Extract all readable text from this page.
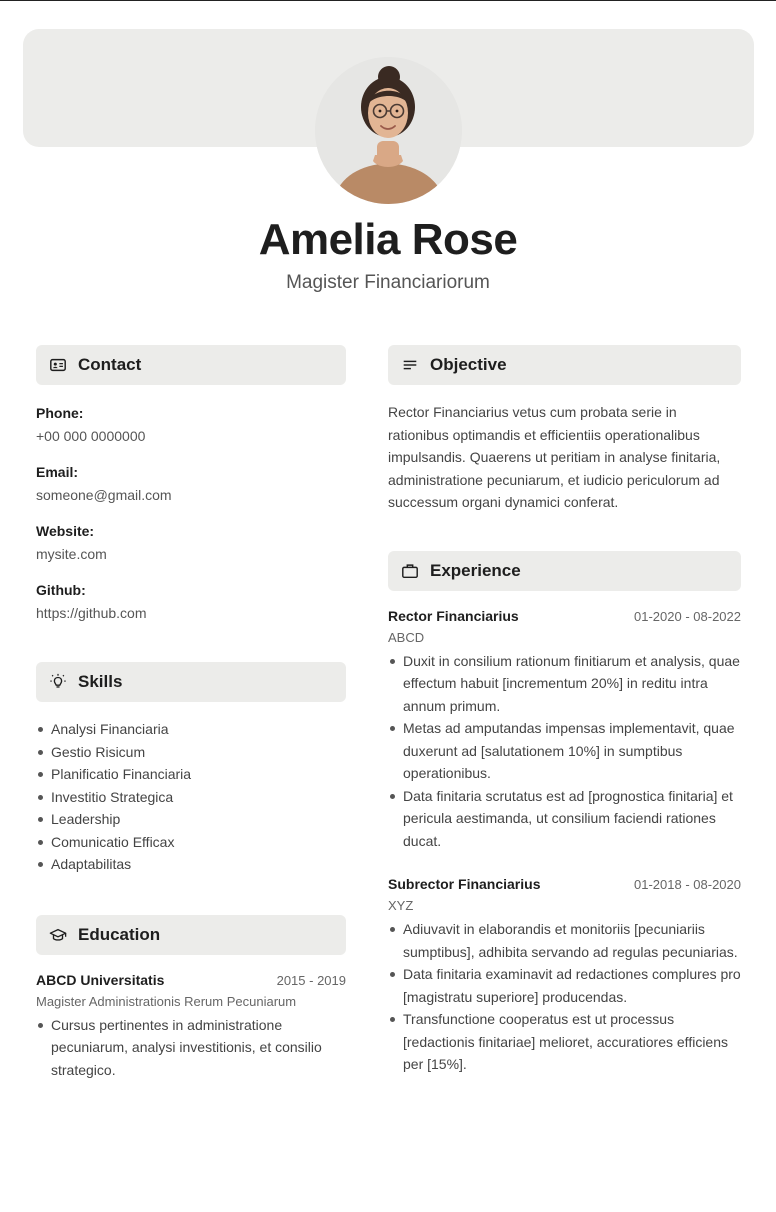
Amelia Rose
Magister Financiariorum
Contact
Phone:
+00 000 0000000
Email:
someone@gmail.com
Website:
mysite.com
Github:
https://github.com
Skills
Analysi Financiaria
Gestio Risicum
Planificatio Financiaria
Investitio Strategica
Leadership
Comunicatio Efficax
Adaptabilitas
Education
ABCD Universitatis	2015 - 2019
Magister Administrationis Rerum Pecuniarum
Cursus pertinentes in administratione pecuniarum, analysi investitionis, et consilio strategico.
Objective

Rector Financiarius vetus cum probata serie in rationibus optimandis et efficientiis operationalibus impulsandis. Quaerens ut peritiam in analyse finitaria, administratione pecuniarum, et iudicio periculorum ad successum organi dynamici conferat.

Experience
Rector Financiarius	01-2020 - 08-2022
ABCD
Duxit in consilium rationum finitiarum et analysis, quae effectum habuit [incrementum 20%] in reditu intra annum primum.
Metas ad amputandas impensas implementavit, quae duxerunt ad [salutationem 10%] in sumptibus operationibus.
Data finitaria scrutatus est ad [prognostica finitaria] et pericula aestimanda, ut consilium faciendi rationes ducat.
Subrector Financiarius	01-2018 - 08-2020
XYZ
Adiuvavit in elaborandis et monitoriis [pecuniariis sumptibus], adhibita servando ad regulas pecuniarias.
Data finitaria examinavit ad redactiones complures pro [magistratu superiore] producendas.
Transfunctione cooperatus est ut processus [redactionis finitariae] melioret, accuratiores efficiens per [15%].
